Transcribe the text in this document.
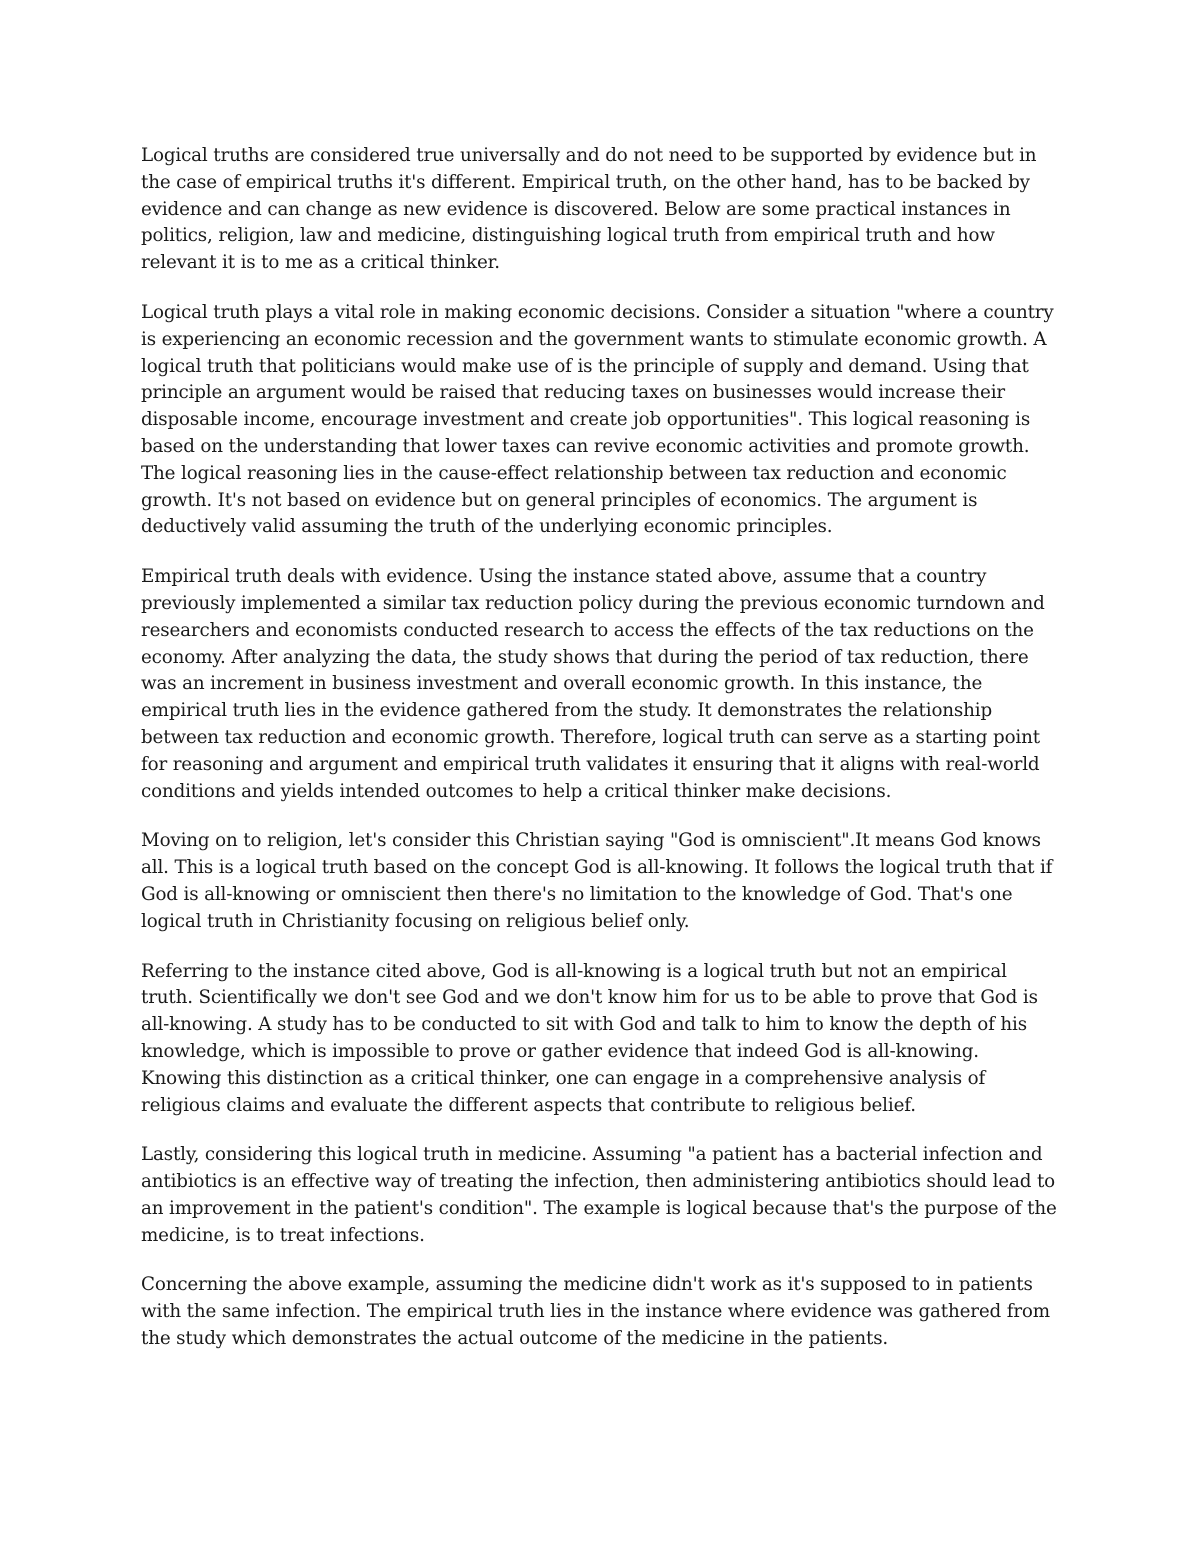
Logical truths are considered true universally and do not need to be supported by evidence but in the case of empirical truths it's different. Empirical truth, on the other hand, has to be backed by evidence and can change as new evidence is discovered. Below are some practical instances in politics, religion, law and medicine, distinguishing logical truth from empirical truth and how relevant it is to me as a critical thinker.

Logical truth plays a vital role in making economic decisions. Consider a situation "where a country is experiencing an economic recession and the government wants to stimulate economic growth. A logical truth that politicians would make use of is the principle of supply and demand. Using that principle an argument would be raised that reducing taxes on businesses would increase their disposable income, encourage investment and create job opportunities". This logical reasoning is based on the understanding that lower taxes can revive economic activities and promote growth. The logical reasoning lies in the cause-effect relationship between tax reduction and economic growth. It's not based on evidence but on general principles of economics. The argument is deductively valid assuming the truth of the underlying economic principles.

Empirical truth deals with evidence. Using the instance stated above, assume that a country previously implemented a similar tax reduction policy during the previous economic turndown and researchers and economists conducted research to access the effects of the tax reductions on the economy. After analyzing the data, the study shows that during the period of tax reduction, there was an increment in business investment and overall economic growth. In this instance, the empirical truth lies in the evidence gathered from the study. It demonstrates the relationship between tax reduction and economic growth. Therefore, logical truth can serve as a starting point for reasoning and argument and empirical truth validates it ensuring that it aligns with real-world conditions and yields intended outcomes to help a critical thinker make decisions.

Moving on to religion, let's consider this Christian saying "God is omniscient".It means God knows all. This is a logical truth based on the concept God is all-knowing. It follows the logical truth that if God is all-knowing or omniscient then there's no limitation to the knowledge of God. That's one logical truth in Christianity focusing on religious belief only.

Referring to the instance cited above, God is all-knowing is a logical truth but not an empirical truth. Scientifically we don't see God and we don't know him for us to be able to prove that God is all-knowing. A study has to be conducted to sit with God and talk to him to know the depth of his knowledge, which is impossible to prove or gather evidence that indeed God is all-knowing. Knowing this distinction as a critical thinker, one can engage in a comprehensive analysis of religious claims and evaluate the different aspects that contribute to religious belief.

Lastly, considering this logical truth in medicine. Assuming "a patient has a bacterial infection and antibiotics is an effective way of treating the infection, then administering antibiotics should lead to an improvement in the patient's condition". The example is logical because that's the purpose of the medicine, is to treat infections.

Concerning the above example, assuming the medicine didn't work as it's supposed to in patients with the same infection. The empirical truth lies in the instance where evidence was gathered from the study which demonstrates the actual outcome of the medicine in the patients.
